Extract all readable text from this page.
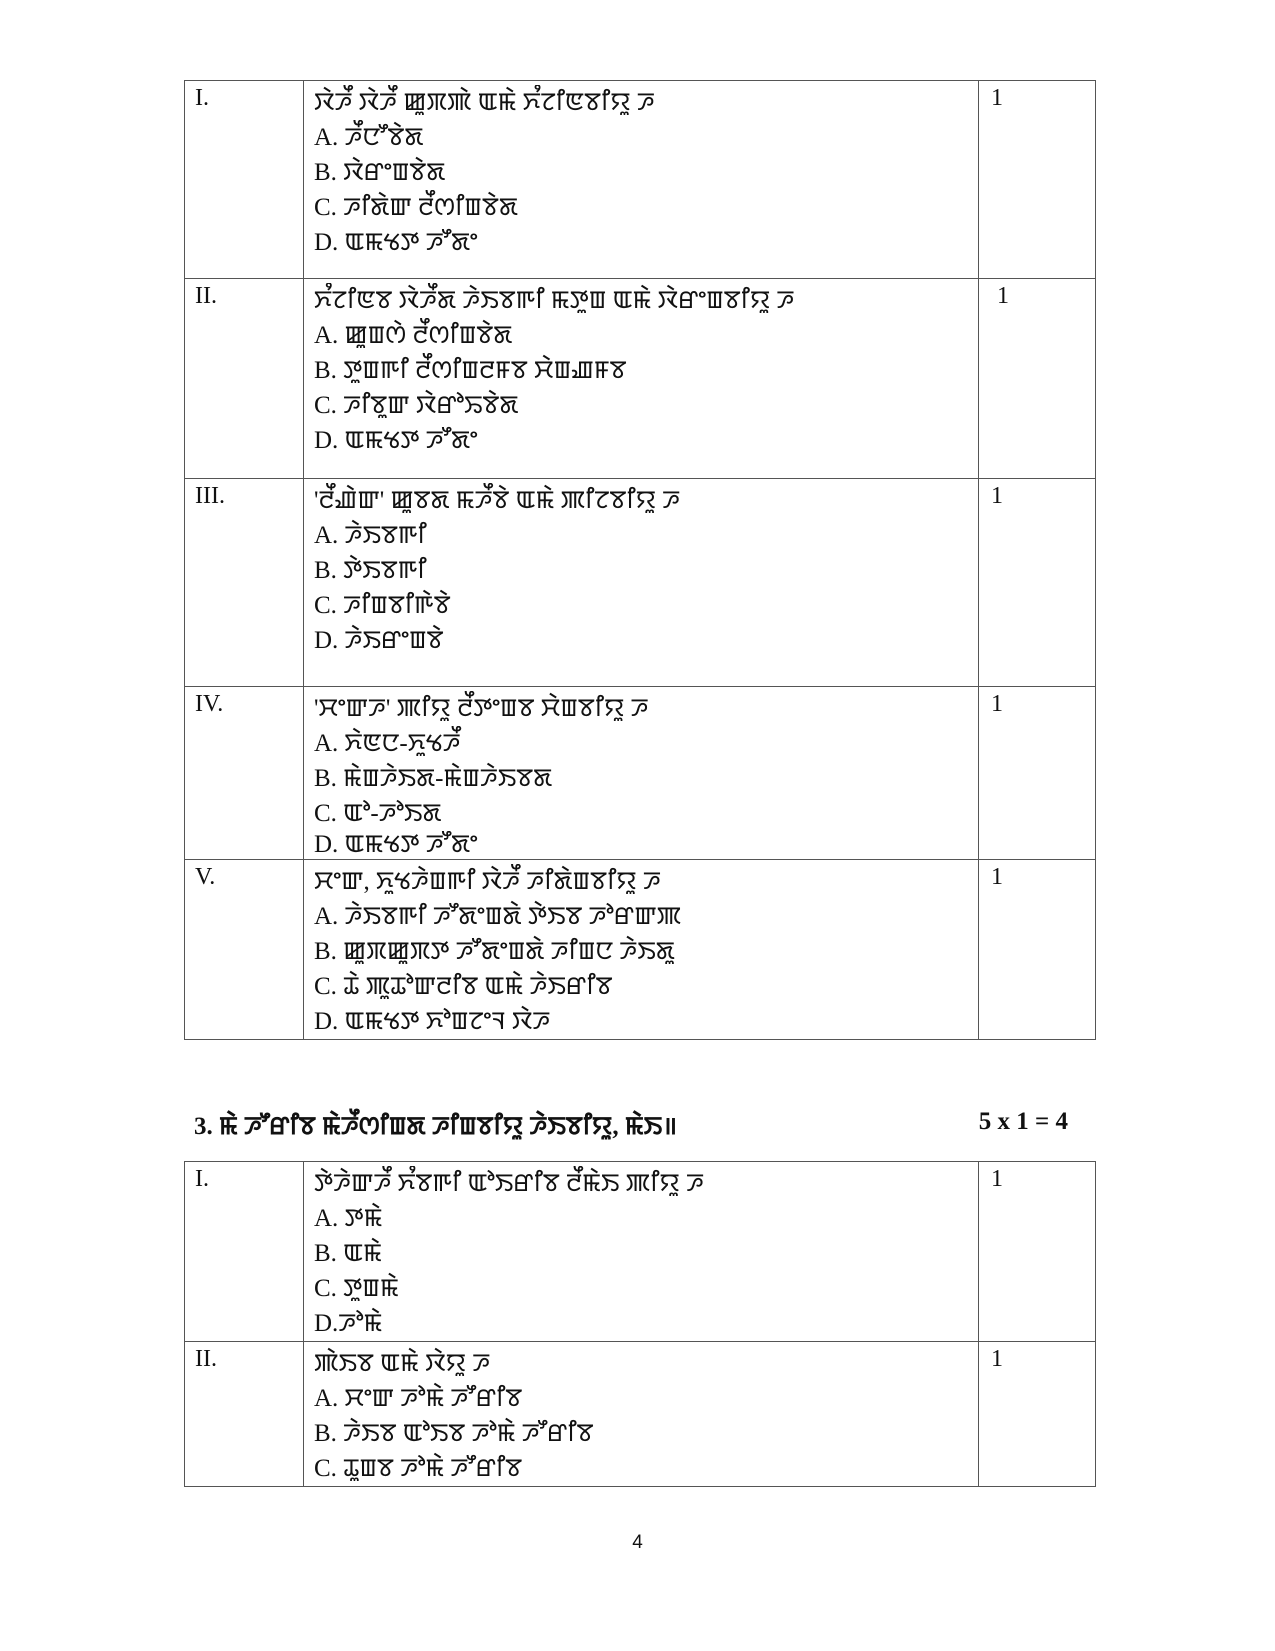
I.	ꯋꯥꯍꯩ ꯋꯥꯍꯩ ꯀꯨꯞꯄꯥ ꯑꯃꯥ ꯈꯪꯖꯤꯟꯕꯤꯌꯨ ꯍ
A. ꯍꯩꯅꯧꯕꯥꯗ
B. ꯋꯥꯔꯦꯡꯕꯥꯗ
C. ꯍꯤꯗꯥꯛ ꯂꯩꯁꯤꯡꯕꯥꯗ
D. ꯑꯃꯠꯇ ꯍꯧꯗꯦ	1
II.	ꯈꯪꯖꯤꯟꯕ ꯋꯥꯍꯩꯗ ꯍꯥꯏꯕꯒꯤ ꯃꯇꯨꯡ ꯑꯃꯥ ꯋꯥꯔꯦꯡꯕꯤꯌꯨ ꯍ
A. ꯀꯨꯡꯁꯥ ꯂꯩꯁꯤꯡꯕꯥꯗ
B. ꯇꯨꯡꯒꯤ ꯂꯩꯁꯤꯡꯂꯝꯕ ꯆꯥꯡꯉꯝꯕ
C. ꯍꯤꯕꯨꯛ ꯋꯥꯔꯣꯢꯕꯥꯗ
D. ꯑꯃꯠꯇ ꯍꯧꯗꯦ	1
III.	'ꯂꯩꯉꯥꯛ' ꯀꯨꯕꯗ ꯃꯍꯩꯕꯥ ꯑꯃꯥ ꯄꯤꯖꯕꯤꯌꯨ ꯍ
A. ꯍꯥꯏꯕꯒꯤ
B. ꯇꯥꯏꯕꯒꯤ
C. ꯍꯤꯡꯕꯤꯒꯥꯕꯥ
D. ꯍꯥꯏꯔꯦꯡꯕꯥ	1
IV.	'ꯆꯦꯛꯍ' ꯄꯤꯌꯨ ꯂꯩꯇꯦꯡꯕ ꯆꯥꯡꯕꯤꯌꯨ ꯍ
A. ꯈꯥꯟꯅ-ꯈꯨꯠꯍꯩ
B. ꯃꯥꯡꯍꯥꯏꯗ-ꯃꯥꯡꯍꯥꯏꯕꯗ
C. ꯑꯣ-ꯍꯣꯏꯗ
D. ꯑꯃꯠꯇ ꯍꯧꯗꯦ	1
V.	ꯆꯦꯛ, ꯈꯨꯠꯍꯥꯡꯒꯤ ꯋꯥꯍꯩ ꯍꯤꯗꯥꯡꯕꯤꯌꯨ ꯍ
A. ꯍꯥꯏꯕꯒꯤ ꯍꯧꯗꯦꯡꯗꯥ ꯇꯥꯏꯕ ꯍꯣꯔꯛꯄ
B. ꯀꯨꯞꯀꯨꯞꯇ ꯍꯧꯗꯦꯡꯗꯥ ꯍꯤꯡꯅ ꯍꯥꯏꯗꯨ
C. ꯊꯥ ꯄꯨꯊꯣꯛꯂꯤꯕ ꯑꯃꯥ ꯍꯥꯏꯔꯤꯕ
D. ꯑꯃꯠꯇ ꯈꯣꯡꯖꯦꯜ ꯋꯥꯍ	1
3. ꯃꯥ ꯍꯧꯔꯤꯕ ꯃꯥꯍꯩꯁꯤꯡꯗ ꯍꯤꯡꯕꯤꯌꯨ ꯍꯥꯏꯕꯤꯌꯨ, ꯃꯥꯏ॥	5 x 1 = 4
I.	ꯇꯥꯍꯥꯛꯍꯩ ꯈꯪꯕꯒꯤ ꯑꯣꯏꯔꯤꯕ ꯂꯩꯃꯥꯏ ꯄꯤꯌꯨ ꯍ
A. ꯇꯃꯥ
B. ꯑꯃꯥ
C. ꯇꯨꯡꯃꯥ
D.ꯍꯣꯃꯥ	1
II.	ꯄꯥꯏꯕ ꯑꯃꯥ ꯋꯥꯌꯨ ꯍ
A. ꯆꯦꯛ ꯍꯣꯃꯥ ꯍꯧꯔꯤꯕ
B. ꯍꯥꯏꯕ ꯑꯣꯏꯕ ꯍꯣꯃꯥ ꯍꯧꯔꯤꯕ
C. ꯊꯨꯡꯕ ꯍꯣꯃꯥ ꯍꯧꯔꯤꯕ	1
4
